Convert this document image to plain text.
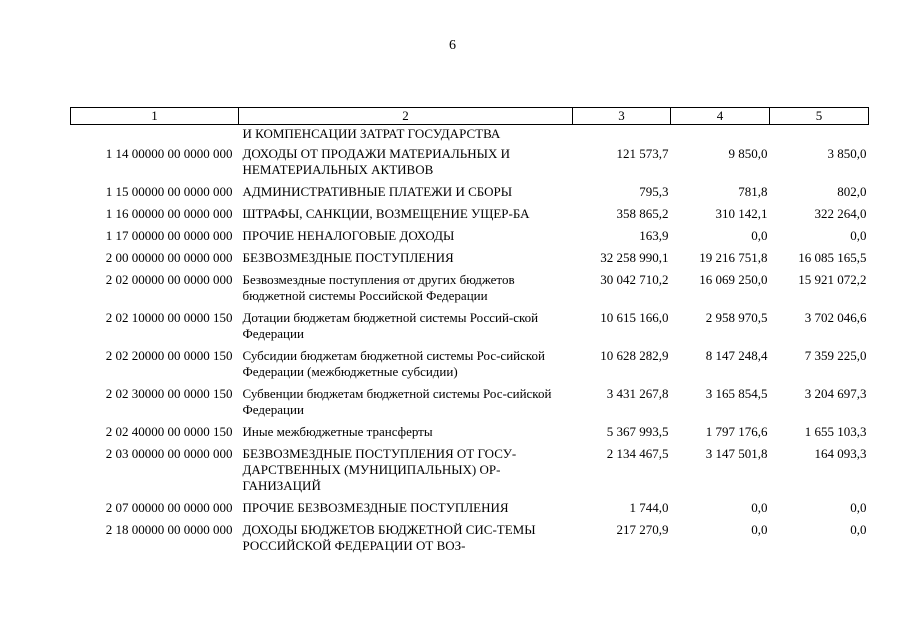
6
1	2	3	4	5
	И КОМПЕНСАЦИИ ЗАТРАТ ГОСУДАРСТВА			
1 14 00000 00 0000 000	ДОХОДЫ ОТ ПРОДАЖИ МАТЕРИАЛЬНЫХ И НЕМАТЕРИАЛЬНЫХ АКТИВОВ	121 573,7	9 850,0	3 850,0
1 15 00000 00 0000 000	АДМИНИСТРАТИВНЫЕ ПЛАТЕЖИ И СБОРЫ	795,3	781,8	802,0
1 16 00000 00 0000 000	ШТРАФЫ, САНКЦИИ, ВОЗМЕЩЕНИЕ УЩЕР-БА	358 865,2	310 142,1	322 264,0
1 17 00000 00 0000 000	ПРОЧИЕ НЕНАЛОГОВЫЕ ДОХОДЫ	163,9	0,0	0,0
2 00 00000 00 0000 000	БЕЗВОЗМЕЗДНЫЕ ПОСТУПЛЕНИЯ	32 258 990,1	19 216 751,8	16 085 165,5
2 02 00000 00 0000 000	Безвозмездные поступления от других бюджетов бюджетной системы Российской Федерации	30 042 710,2	16 069 250,0	15 921 072,2
2 02 10000 00 0000 150	Дотации бюджетам бюджетной системы Россий-ской Федерации	10 615 166,0	2 958 970,5	3 702 046,6
2 02 20000 00 0000 150	Субсидии бюджетам бюджетной системы Рос-сийской Федерации (межбюджетные субсидии)	10 628 282,9	8 147 248,4	7 359 225,0
2 02 30000 00 0000 150	Субвенции бюджетам бюджетной системы Рос-сийской Федерации	3 431 267,8	3 165 854,5	3 204 697,3
2 02 40000 00 0000 150	Иные межбюджетные трансферты	5 367 993,5	1 797 176,6	1 655 103,3
2 03 00000 00 0000 000	БЕЗВОЗМЕЗДНЫЕ ПОСТУПЛЕНИЯ ОТ ГОСУ-ДАРСТВЕННЫХ (МУНИЦИПАЛЬНЫХ) ОР-ГАНИЗАЦИЙ	2 134 467,5	3 147 501,8	164 093,3
2 07 00000 00 0000 000	ПРОЧИЕ БЕЗВОЗМЕЗДНЫЕ ПОСТУПЛЕНИЯ	1 744,0	0,0	0,0
2 18 00000 00 0000 000	ДОХОДЫ БЮДЖЕТОВ БЮДЖЕТНОЙ СИС-ТЕМЫ РОССИЙСКОЙ ФЕДЕРАЦИИ ОТ ВОЗ-	217 270,9	0,0	0,0
